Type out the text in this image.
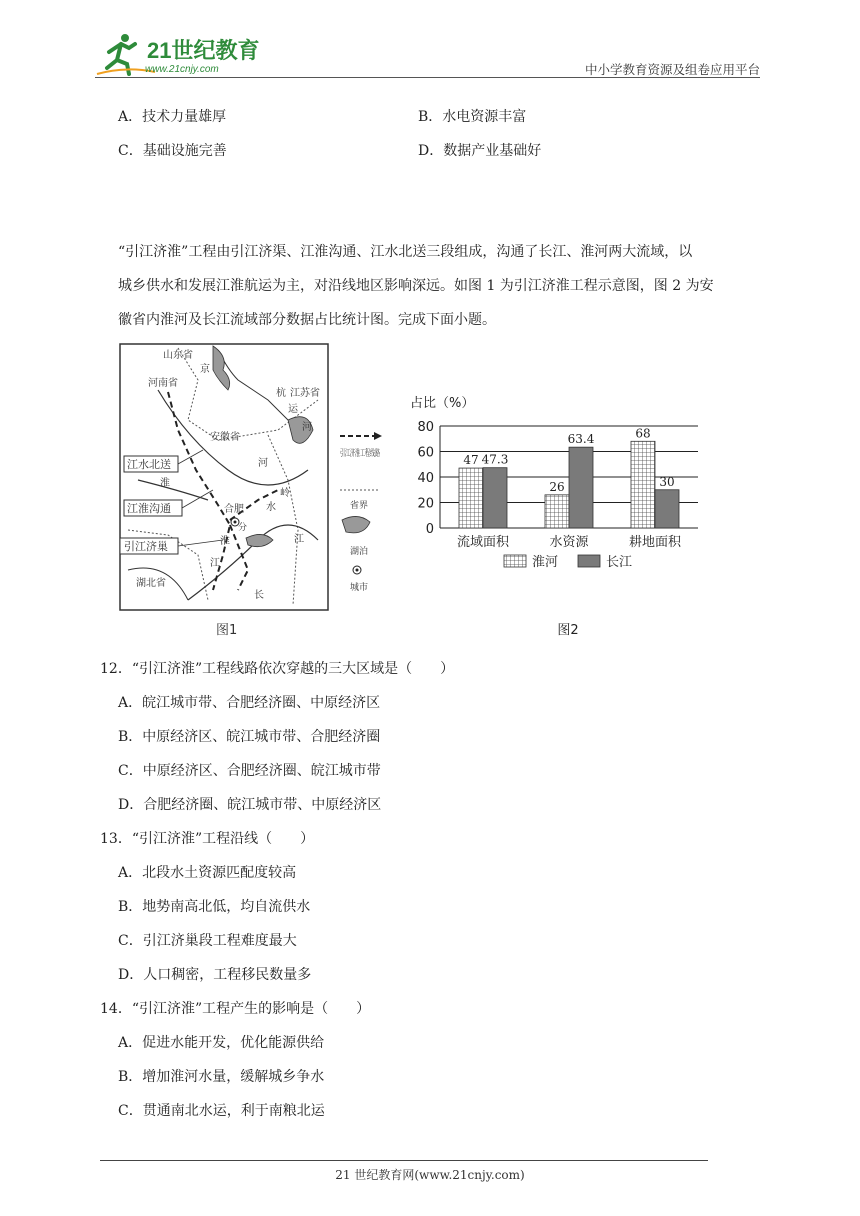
21世纪教育
www.21cnjy.com	中小学教育资源及组卷应用平台
A．技术力量雄厚	B．水电资源丰富
C．基础设施完善	D．数据产业基础好

“引江济淮”工程由引江济渠、江淮沟通、江水北送三段组成，沟通了长江、淮河两大流域，以

城乡供水和发展江淮航运为主，对沿线地区影响深远。如图 1 为引江济淮工程示意图，图 2 为安

徽省内淮河及长江流域部分数据占比统计图。完成下面小题。

山东省
河南省
京
杭
运
河
江苏省
安徽省
淮
河
岭
水
合肥
分
淮
江
江
长
湖北省
江水北送
江淮沟通
引江济巢
图1
引江济淮工程线路
省界
湖泊
城市
占比（%）
0
20
40
60
80
47 47.3
流域面积
26
63.4
水资源
68
30
耕地面积
淮河	长江
图2
12．“引江济淮”工程线路依次穿越的三大区域是（　　）
A．皖江城市带、合肥经济圈、中原经济区
B．中原经济区、皖江城市带、合肥经济圈
C．中原经济区、合肥经济圈、皖江城市带
D．合肥经济圈、皖江城市带、中原经济区
13．“引江济淮”工程沿线（　　）
A．北段水土资源匹配度较高
B．地势南高北低，均自流供水
C．引江济巢段工程难度最大
D．人口稠密，工程移民数量多
14．“引江济淮”工程产生的影响是（　　）
A．促进水能开发，优化能源供给
B．增加淮河水量，缓解城乡争水
C．贯通南北水运，利于南粮北运
21 世纪教育网(www.21cnjy.com)
